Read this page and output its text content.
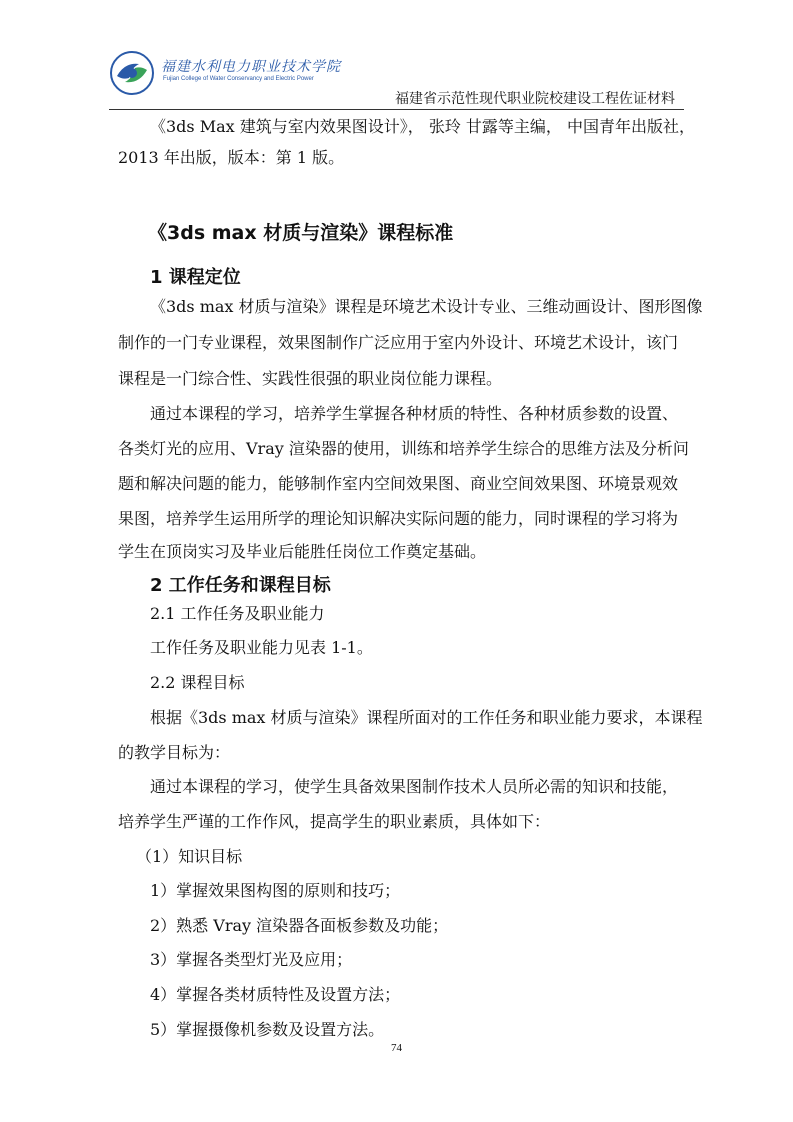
福建水利电力职业技术学院
Fujian College of Water Conservancy and Electric Power
福建省示范性现代职业院校建设工程佐证材料
《3ds Max 建筑与室内效果图设计》， 张玲 甘露等主编， 中国青年出版社，
2013 年出版，版本：第 1 版。
《3ds max 材质与渲染》课程标准
1 课程定位
《3ds max 材质与渲染》课程是环境艺术设计专业、三维动画设计、图形图像
制作的一门专业课程，效果图制作广泛应用于室内外设计、环境艺术设计，该门
课程是一门综合性、实践性很强的职业岗位能力课程。
通过本课程的学习，培养学生掌握各种材质的特性、各种材质参数的设置、
各类灯光的应用、Vray 渲染器的使用，训练和培养学生综合的思维方法及分析问
题和解决问题的能力，能够制作室内空间效果图、商业空间效果图、环境景观效
果图，培养学生运用所学的理论知识解决实际问题的能力，同时课程的学习将为
学生在顶岗实习及毕业后能胜任岗位工作奠定基础。
2 工作任务和课程目标
2.1 工作任务及职业能力
工作任务及职业能力见表 1-1。
2.2 课程目标
根据《3ds max 材质与渲染》课程所面对的工作任务和职业能力要求，本课程
的教学目标为：
通过本课程的学习，使学生具备效果图制作技术人员所必需的知识和技能，
培养学生严谨的工作作风，提高学生的职业素质，具体如下：
（1）知识目标
1）掌握效果图构图的原则和技巧；
2）熟悉 Vray 渲染器各面板参数及功能；
3）掌握各类型灯光及应用；
4）掌握各类材质特性及设置方法；
5）掌握摄像机参数及设置方法。
74
